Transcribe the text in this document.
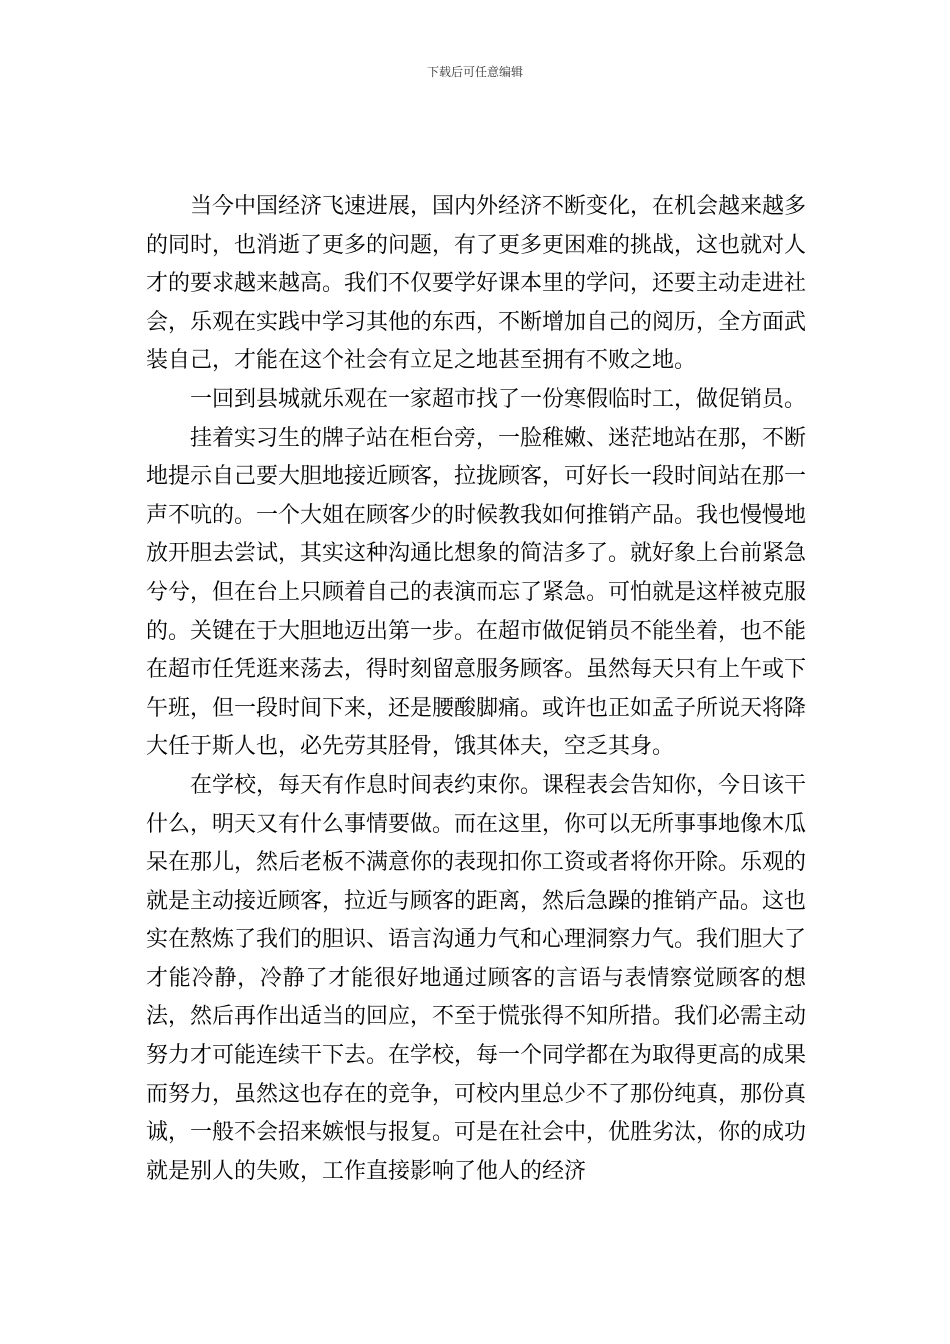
下载后可任意编辑

当今中国经济飞速进展，国内外经济不断变化，在机会越来越多的同时，也消逝了更多的问题，有了更多更困难的挑战，这也就对人才的要求越来越高。我们不仅要学好课本里的学问，还要主动走进社会，乐观在实践中学习其他的东西，不断增加自己的阅历，全方面武装自己，才能在这个社会有立足之地甚至拥有不败之地。

一回到县城就乐观在一家超市找了一份寒假临时工，做促销员。

挂着实习生的牌子站在柜台旁，一脸稚嫩、迷茫地站在那，不断地提示自己要大胆地接近顾客，拉拢顾客，可好长一段时间站在那一声不吭的。一个大姐在顾客少的时候教我如何推销产品。我也慢慢地放开胆去尝试，其实这种沟通比想象的简洁多了。就好象上台前紧急兮兮，但在台上只顾着自己的表演而忘了紧急。可怕就是这样被克服的。关键在于大胆地迈出第一步。在超市做促销员不能坐着，也不能在超市任凭逛来荡去，得时刻留意服务顾客。虽然每天只有上午或下午班，但一段时间下来，还是腰酸脚痛。或许也正如孟子所说天将降大任于斯人也，必先劳其胫骨，饿其体夫，空乏其身。

在学校，每天有作息时间表约束你。课程表会告知你，今日该干什么，明天又有什么事情要做。而在这里，你可以无所事事地像木瓜呆在那儿，然后老板不满意你的表现扣你工资或者将你开除。乐观的就是主动接近顾客，拉近与顾客的距离，然后急躁的推销产品。这也实在熬炼了我们的胆识、语言沟通力气和心理洞察力气。我们胆大了才能冷静，冷静了才能很好地通过顾客的言语与表情察觉顾客的想法，然后再作出适当的回应，不至于慌张得不知所措。我们必需主动努力才可能连续干下去。在学校，每一个同学都在为取得更高的成果而努力，虽然这也存在的竞争，可校内里总少不了那份纯真，那份真诚，一般不会招来嫉恨与报复。可是在社会中，优胜劣汰，你的成功就是别人的失败，工作直接影响了他人的经济
